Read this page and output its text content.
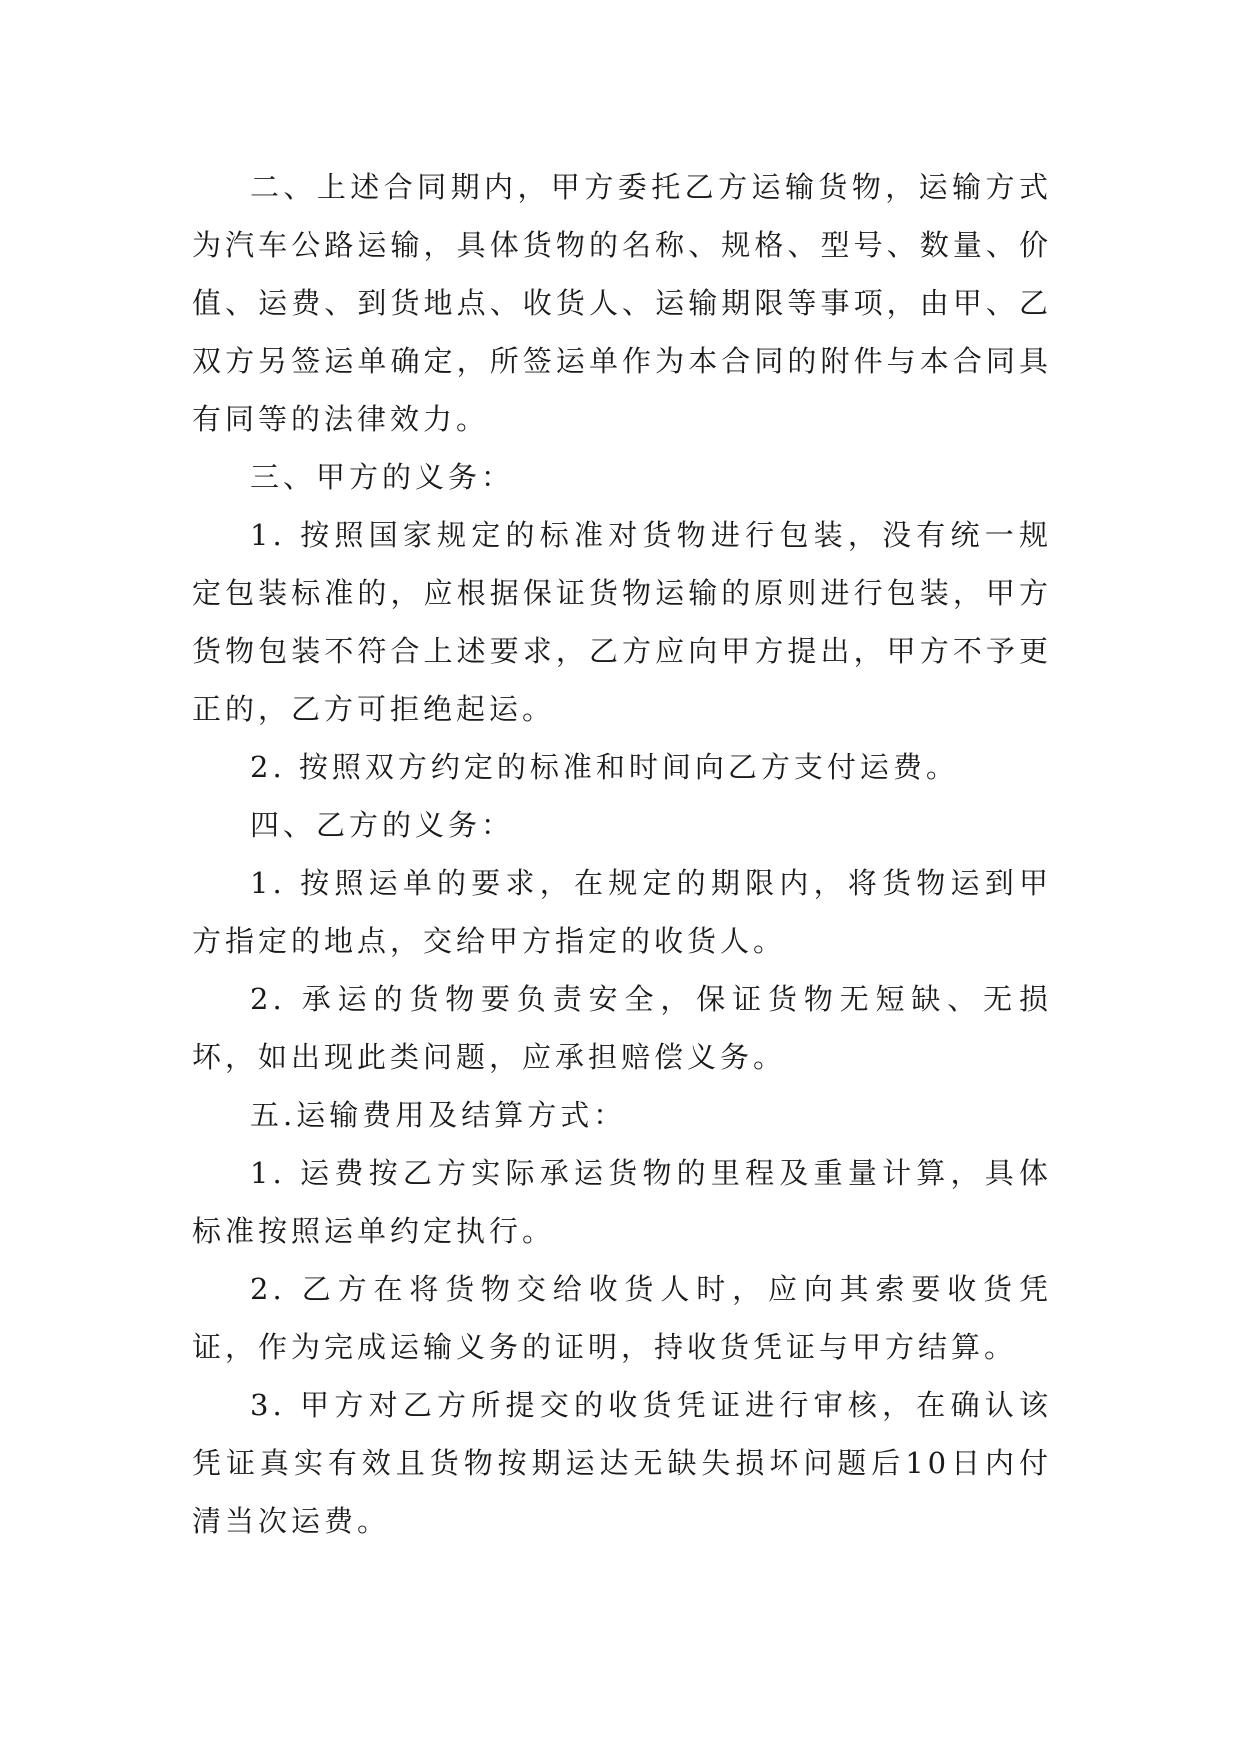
二、上述合同期内，甲方委托乙方运输货物，运输方式为汽车公路运输，具体货物的名称、规格、型号、数量、价值、运费、到货地点、收货人、运输期限等事项，由甲、乙双方另签运单确定，所签运单作为本合同的附件与本合同具有同等的法律效力。

三、甲方的义务：

1. 按照国家规定的标准对货物进行包装，没有统一规定包装标准的，应根据保证货物运输的原则进行包装，甲方货物包装不符合上述要求，乙方应向甲方提出，甲方不予更正的，乙方可拒绝起运。

2. 按照双方约定的标准和时间向乙方支付运费。

四、乙方的义务：

1. 按照运单的要求，在规定的期限内，将货物运到甲方指定的地点，交给甲方指定的收货人。

2. 承运的货物要负责安全，保证货物无短缺、无损坏，如出现此类问题，应承担赔偿义务。

五.运输费用及结算方式：

1. 运费按乙方实际承运货物的里程及重量计算，具体标准按照运单约定执行。

2. 乙方在将货物交给收货人时，应向其索要收货凭证，作为完成运输义务的证明，持收货凭证与甲方结算。

3. 甲方对乙方所提交的收货凭证进行审核，在确认该凭证真实有效且货物按期运达无缺失损坏问题后10日内付清当次运费。
